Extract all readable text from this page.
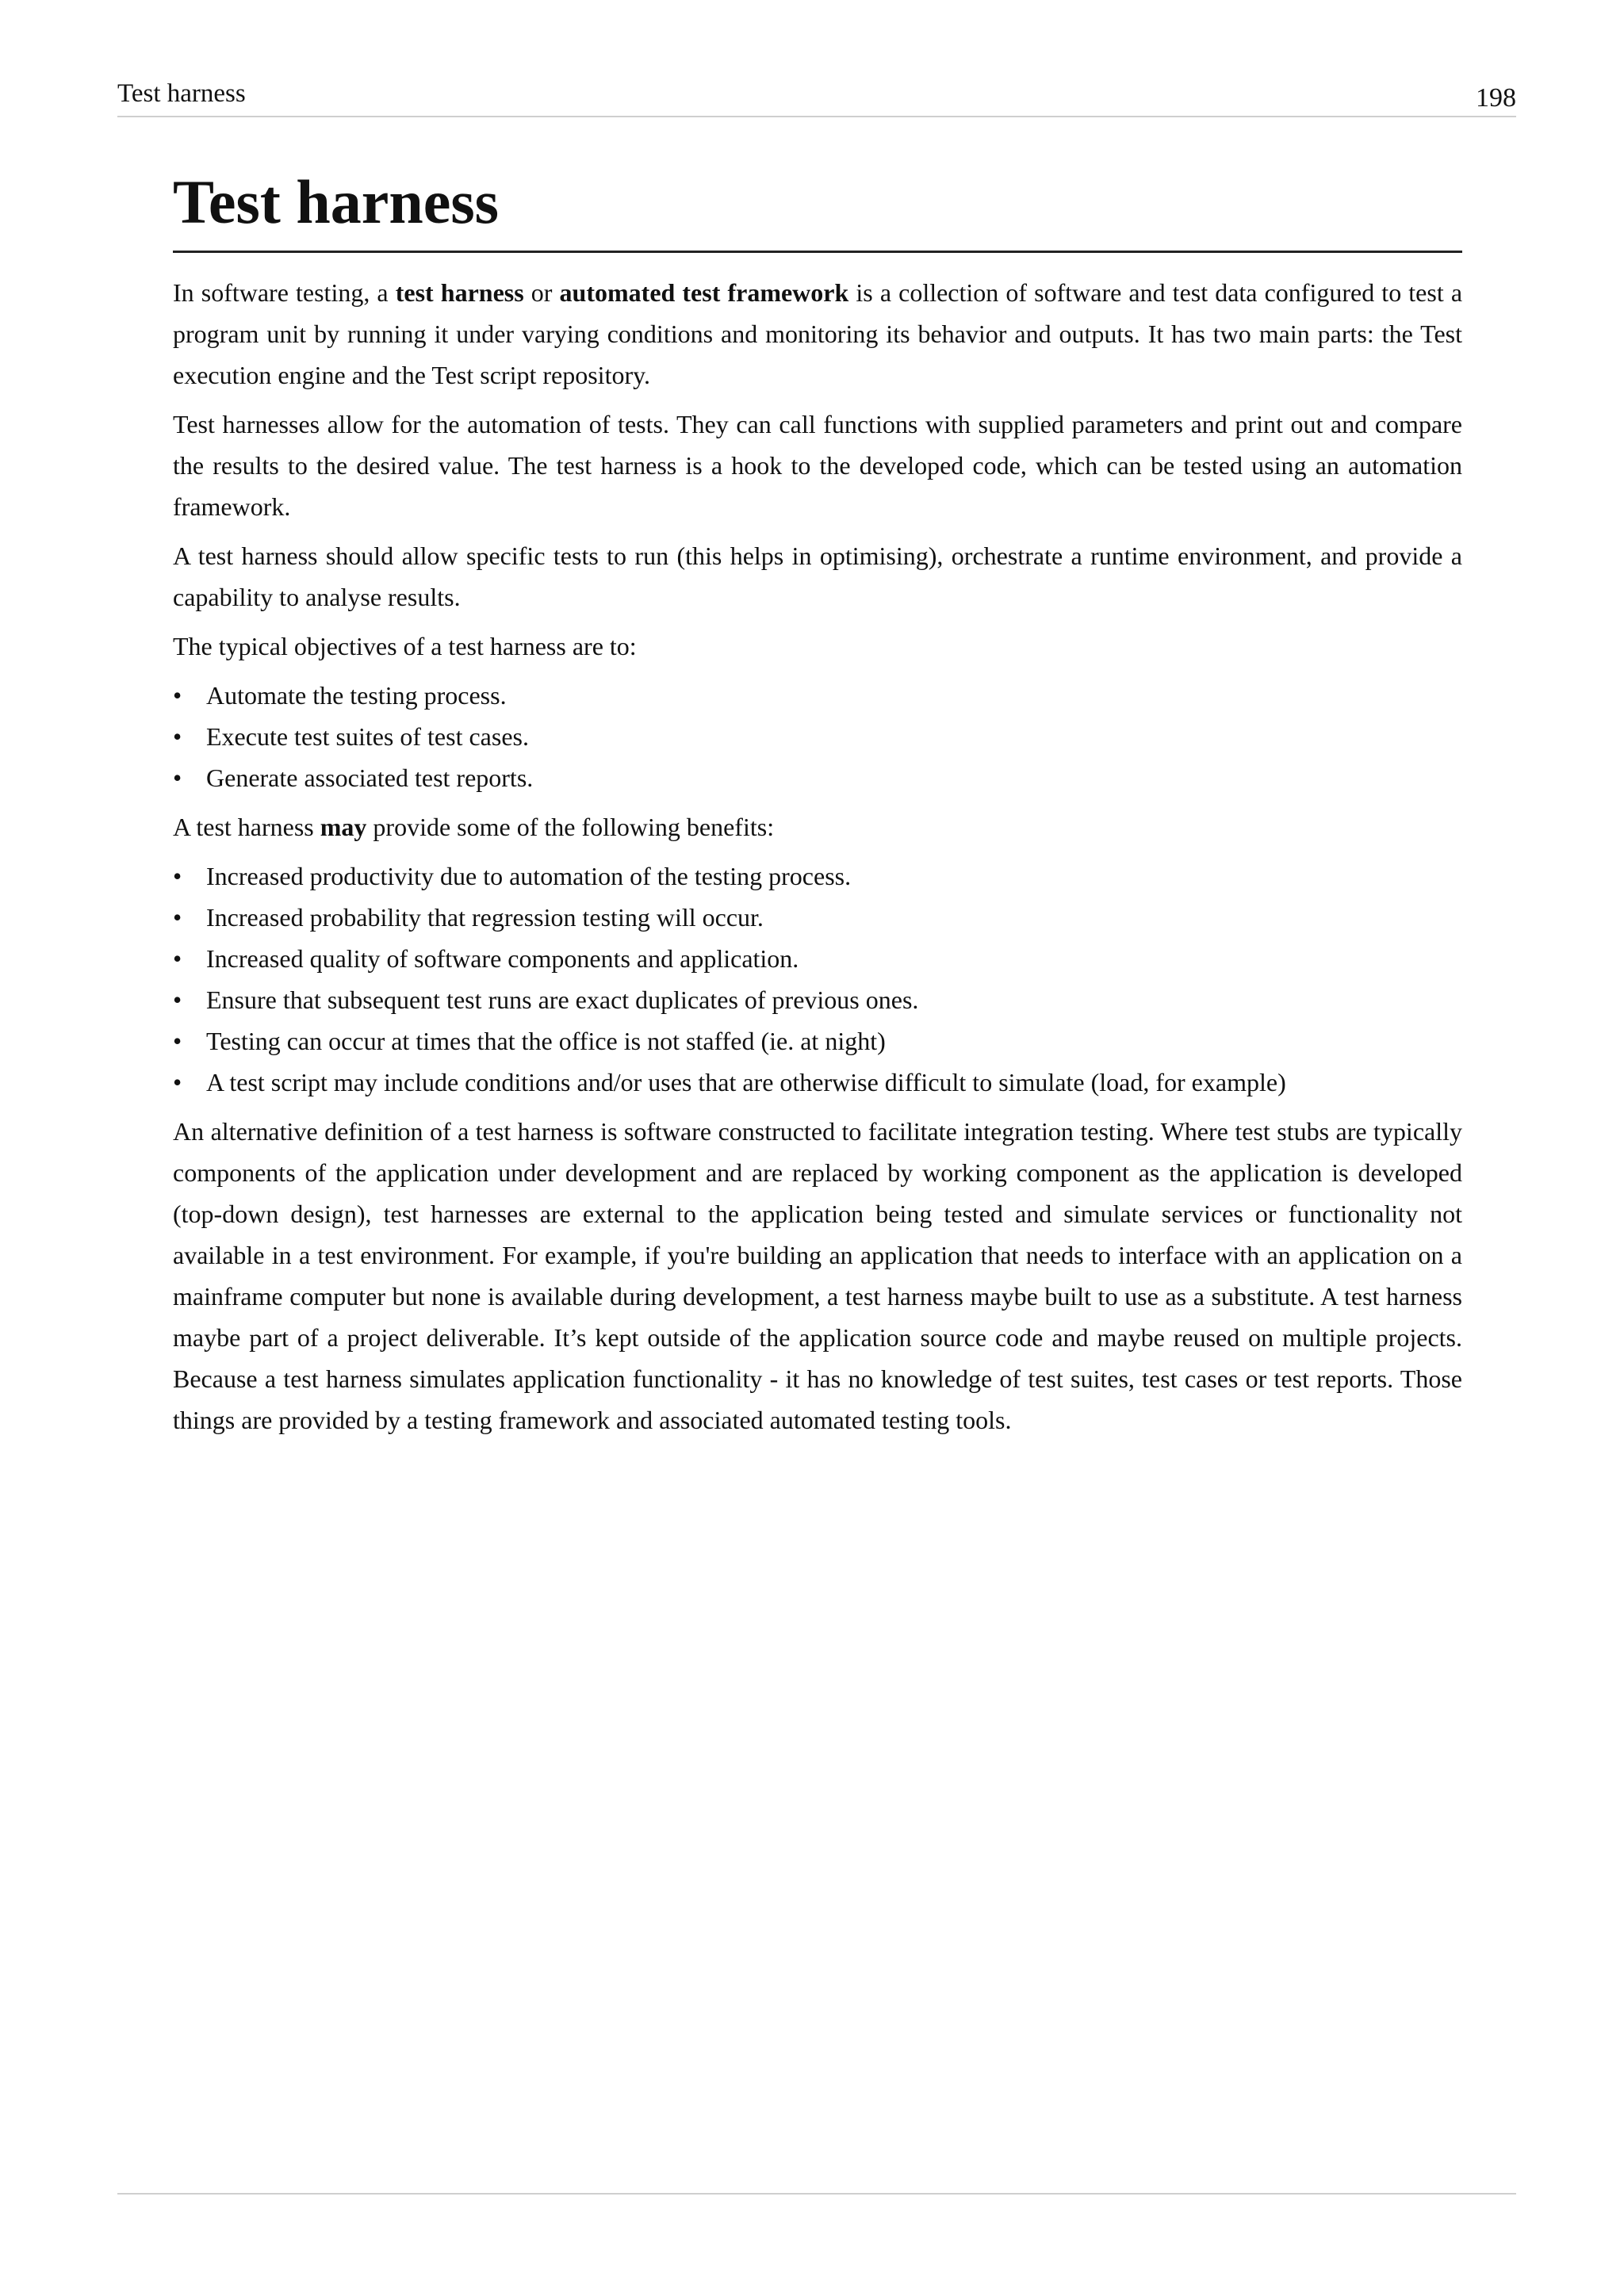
Test harness	198
Test harness

In software testing, a test harness or automated test framework is a collection of software and test data configured to test a program unit by running it under varying conditions and monitoring its behavior and outputs. It has two main parts: the Test execution engine and the Test script repository.

Test harnesses allow for the automation of tests. They can call functions with supplied parameters and print out and compare the results to the desired value. The test harness is a hook to the developed code, which can be tested using an automation framework.

A test harness should allow specific tests to run (this helps in optimising), orchestrate a runtime environment, and provide a capability to analyse results.

The typical objectives of a test harness are to:

• Automate the testing process.
• Execute test suites of test cases.
• Generate associated test reports.

A test harness may provide some of the following benefits:

• Increased productivity due to automation of the testing process.
• Increased probability that regression testing will occur.
• Increased quality of software components and application.
• Ensure that subsequent test runs are exact duplicates of previous ones.
• Testing can occur at times that the office is not staffed (ie. at night)
• A test script may include conditions and/or uses that are otherwise difficult to simulate (load, for example)

An alternative definition of a test harness is software constructed to facilitate integration testing. Where test stubs are typically components of the application under development and are replaced by working component as the application is developed (top-down design), test harnesses are external to the application being tested and simulate services or functionality not available in a test environment. For example, if you're building an application that needs to interface with an application on a mainframe computer but none is available during development, a test harness maybe built to use as a substitute. A test harness maybe part of a project deliverable. It’s kept outside of the application source code and maybe reused on multiple projects. Because a test harness simulates application functionality - it has no knowledge of test suites, test cases or test reports. Those things are provided by a testing framework and associated automated testing tools.
